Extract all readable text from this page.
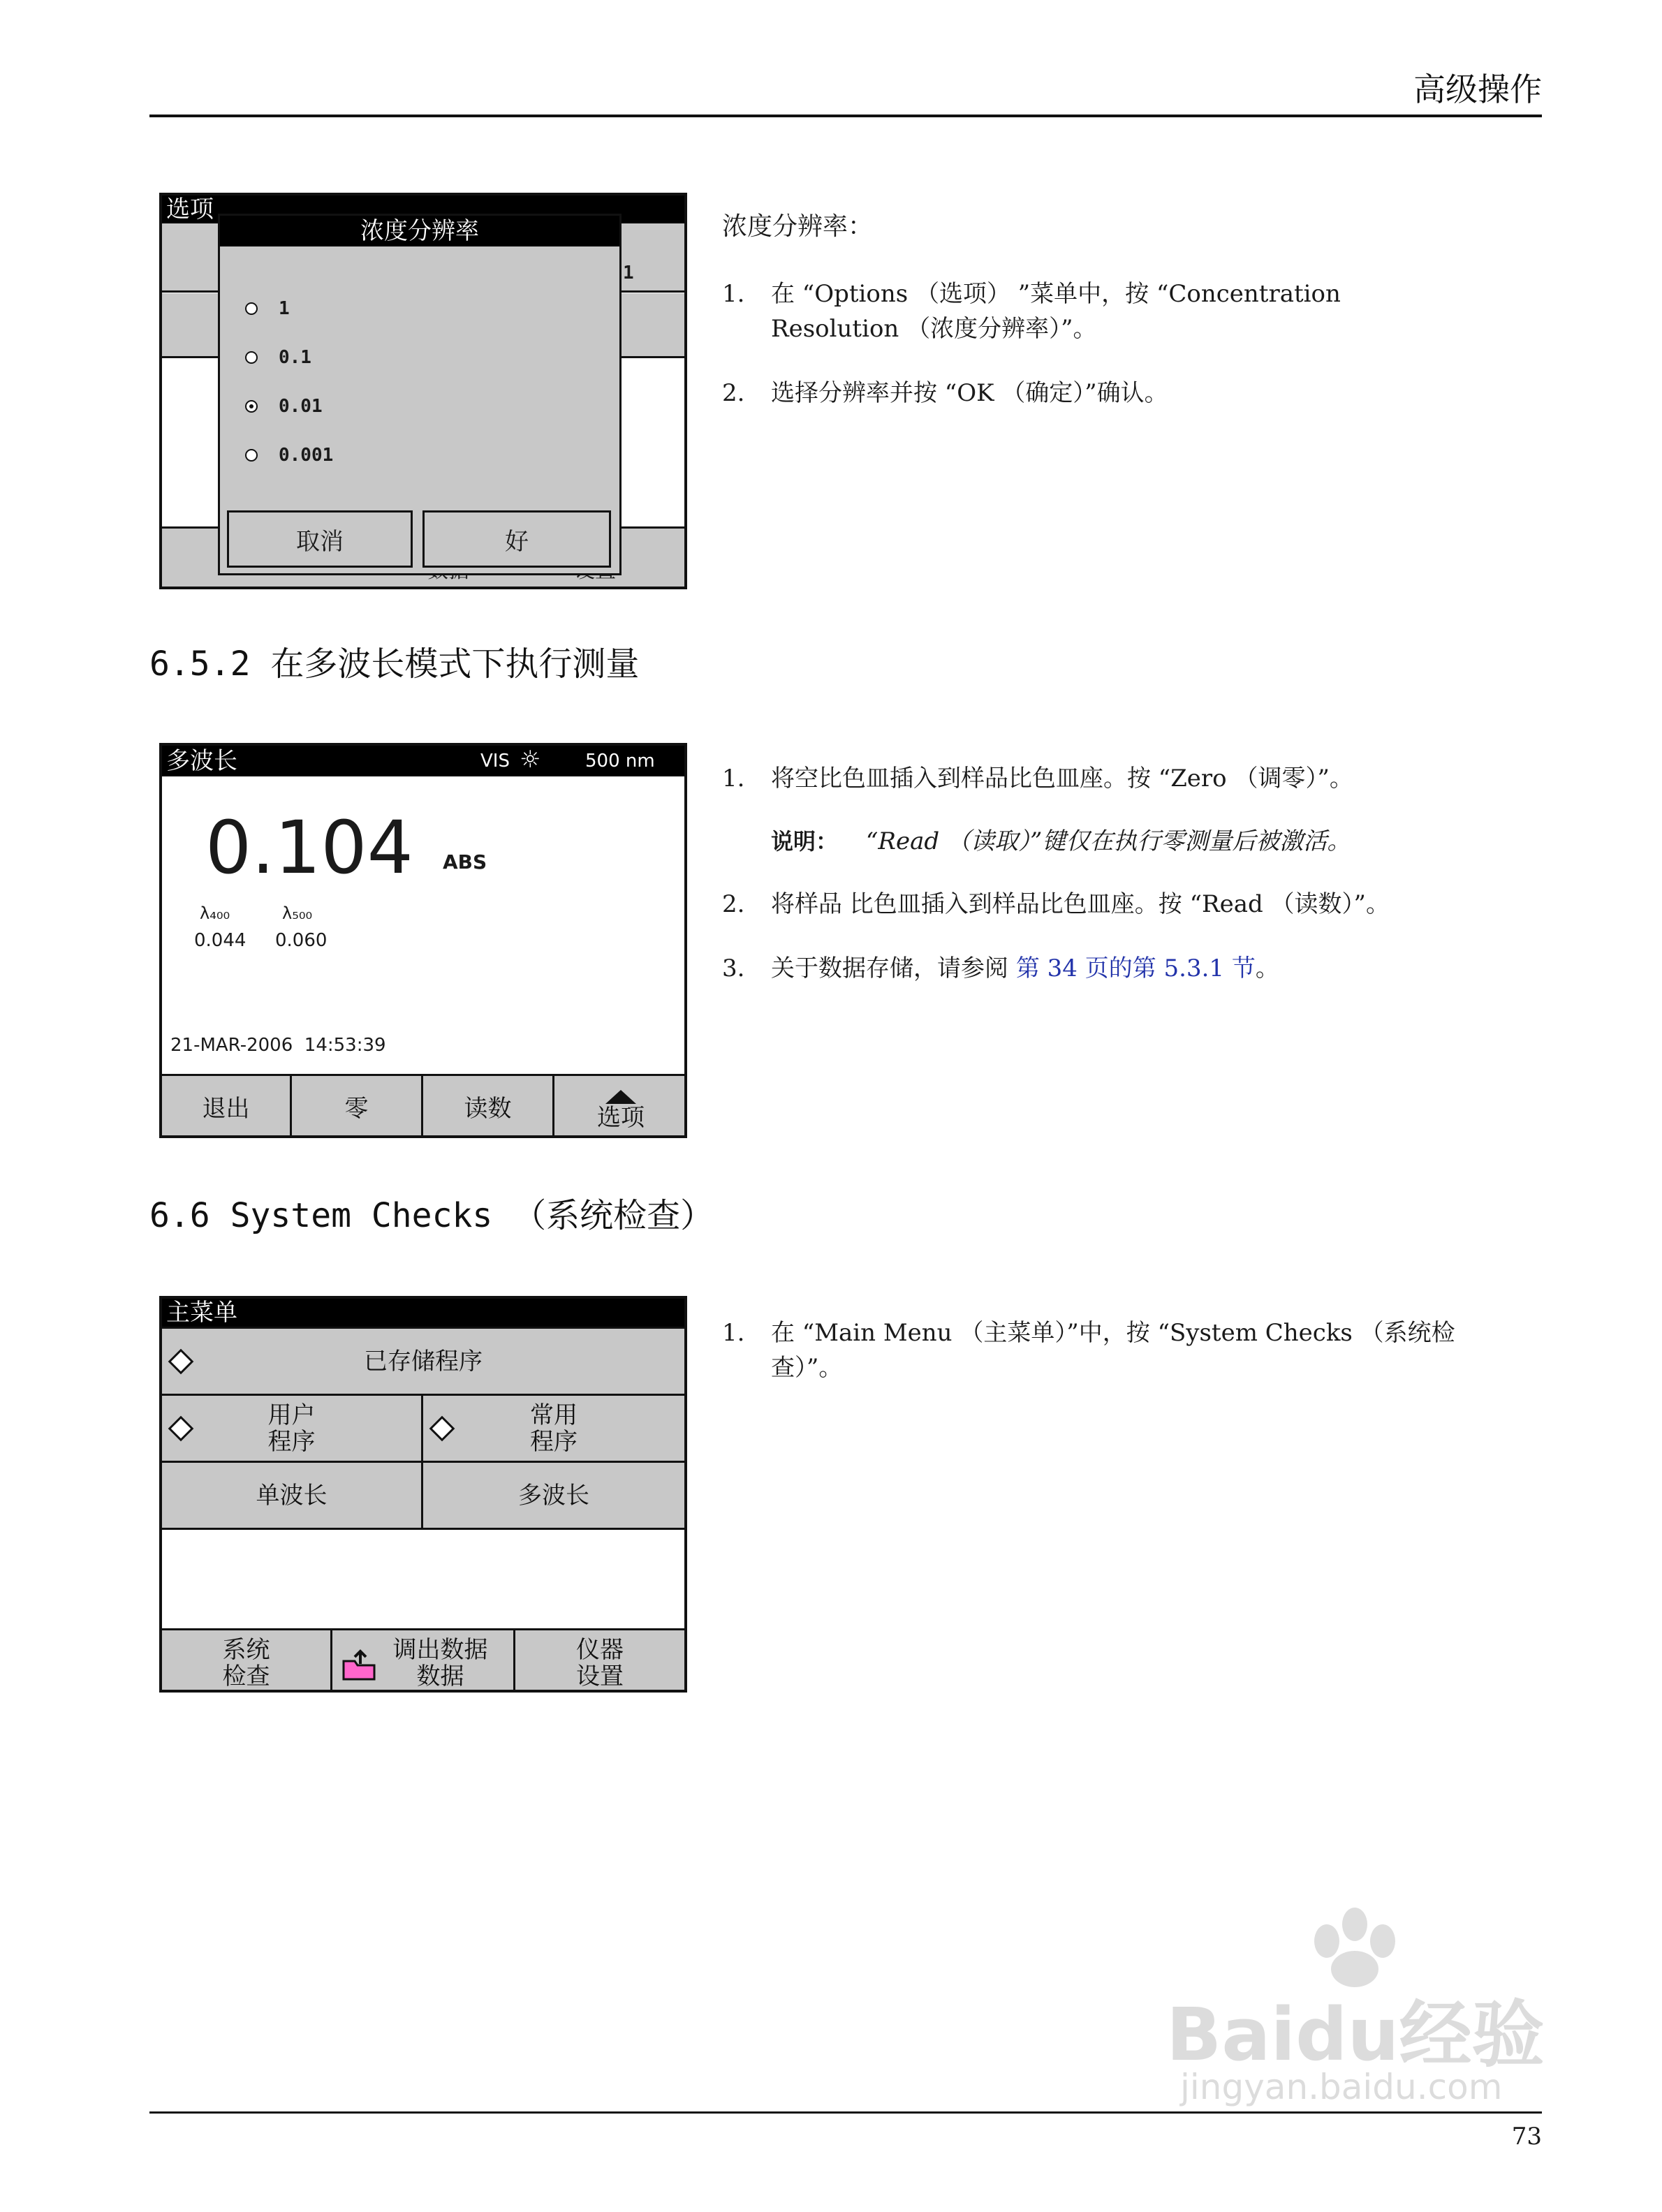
高级操作
选项
1
浓度分辨率
1
0.1
0.01
0.001
取消	好
浓度分辨率：
1. 在 “Options （选项） ”菜单中，按 “Concentration
Resolution （浓度分辨率）”。
2. 选择分辨率并按 “OK （确定）”确认。
6.5.2 在多波长模式下执行测量
多波长	VIS ☼ 500 nm
0.104 ABS
λ₄₀₀
0.044
λ₅₀₀
0.060
21-MAR-2006  14:53:39
退出	零	读数	选项
1. 将空比色皿插入到样品比色皿座。按 “Zero （调零）”。
说明： “Read （读取）”键仅在执行零测量后被激活。
2. 将样品 比色皿插入到样品比色皿座。按 “Read （读数）”。
3. 关于数据存储，请参阅 第 34 页的第 5.3.1 节。
6.6 System Checks （系统检查）
主菜单
已存储程序
用户
程序
常用
程序
单波长	多波长
系统
检查
调出数据
数据
仪器
设置
1. 在 “Main Menu （主菜单）”中，按 “System Checks （系统检
查）”。
Baidu经验
jingyan.baidu.com
73
